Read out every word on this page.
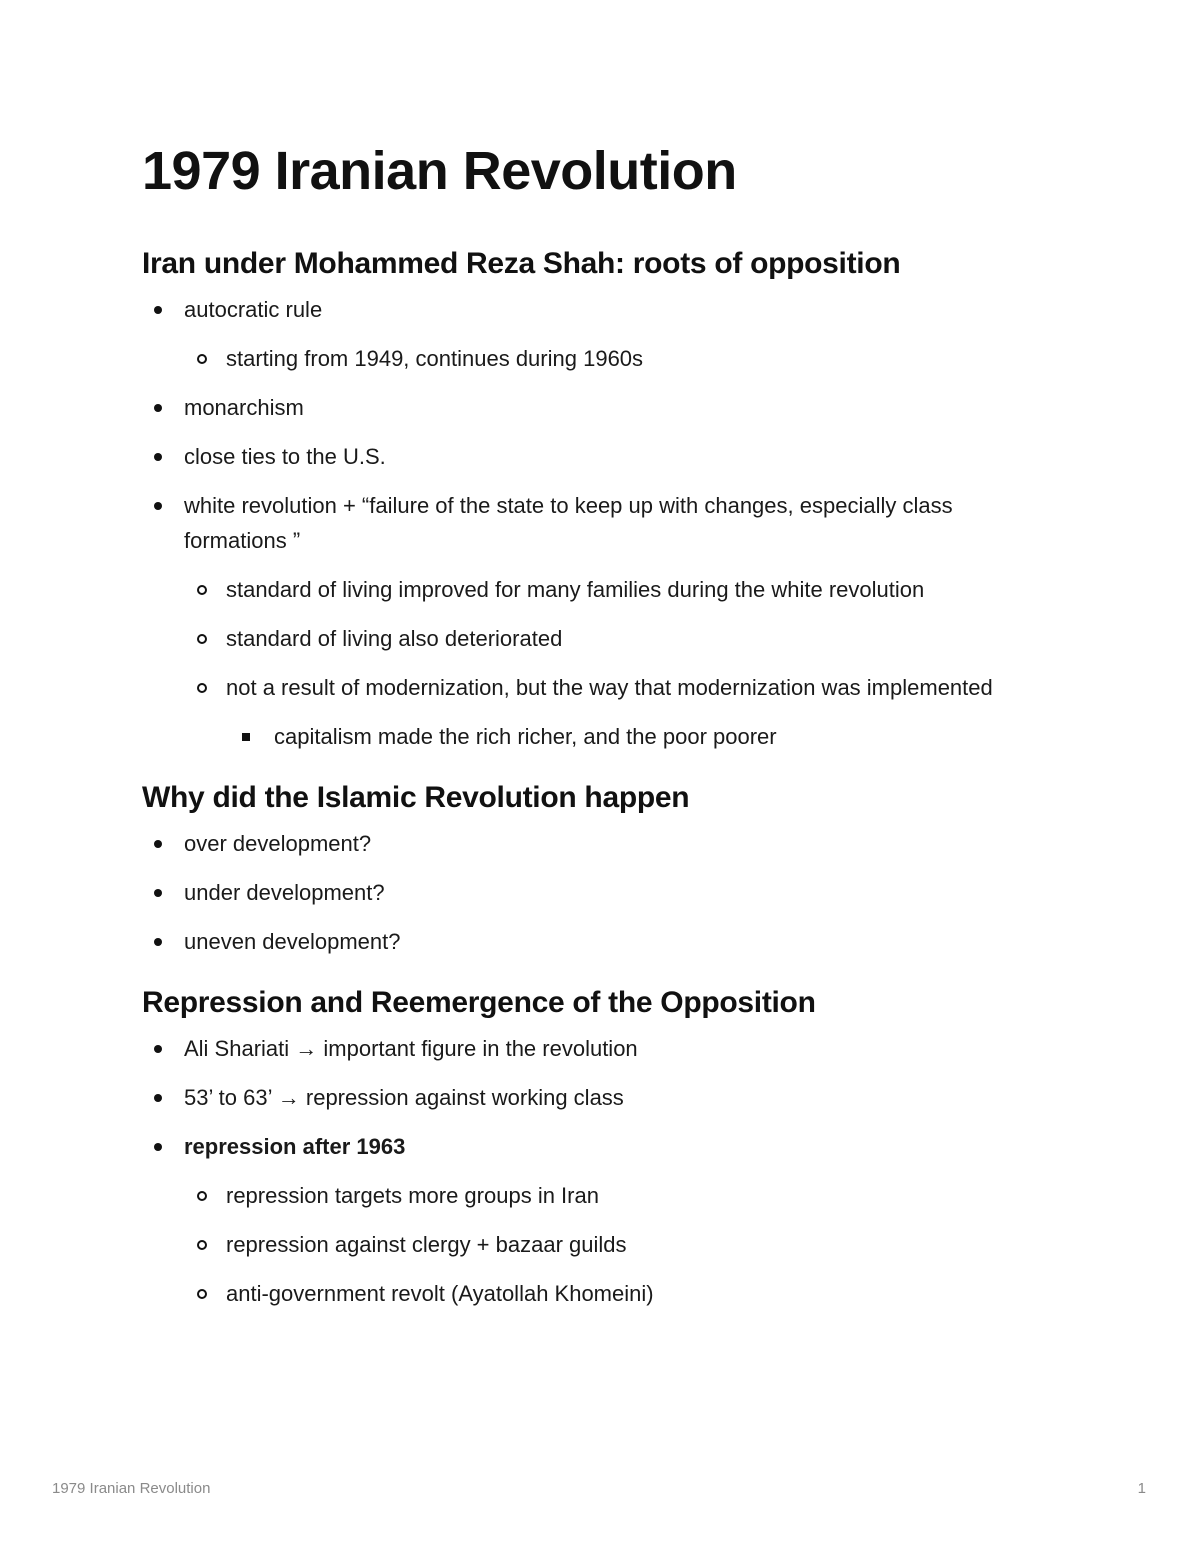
1979 Iranian Revolution
Iran under Mohammed Reza Shah: roots of opposition
autocratic rule
starting from 1949, continues during 1960s
monarchism
close ties to the U.S.
white revolution + “failure of the state to keep up with changes, especially class formations ”
standard of living improved for many families during the white revolution
standard of living also deteriorated
not a result of modernization, but the way that modernization was implemented
capitalism made the rich richer, and the poor poorer
Why did the Islamic Revolution happen
over development?
under development?
uneven development?
Repression and Reemergence of the Opposition
Ali Shariati → important figure in the revolution
53’ to 63’ → repression against working class
repression after 1963
repression targets more groups in Iran
repression against clergy + bazaar guilds
anti-government revolt (Ayatollah Khomeini)
1979 Iranian Revolution	1
